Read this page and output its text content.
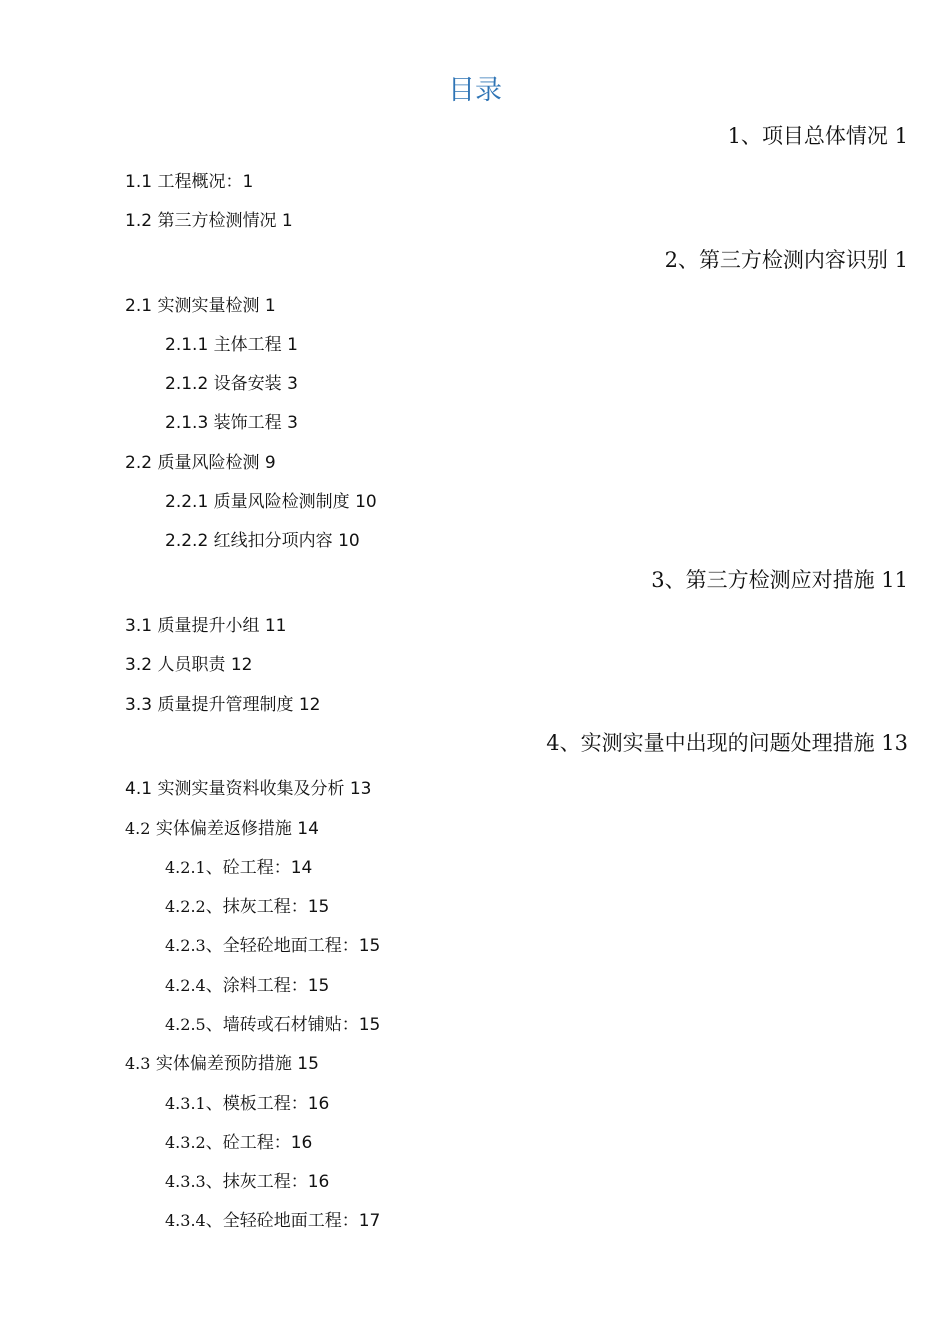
目录
1、项目总体情况 1
1.1 工程概况：1
1.2 第三方检测情况 1
2、第三方检测内容识别 1
2.1 实测实量检测 1
2.1.1 主体工程 1
2.1.2 设备安装 3
2.1.3 装饰工程 3
2.2 质量风险检测 9
2.2.1 质量风险检测制度 10
2.2.2 红线扣分项内容 10
3、第三方检测应对措施 11
3.1 质量提升小组 11
3.2 人员职责 12
3.3 质量提升管理制度 12
4、实测实量中出现的问题处理措施 13
4.1 实测实量资料收集及分析 13
4.2 实体偏差返修措施 14
4.2.1、砼工程：14
4.2.2、抹灰工程：15
4.2.3、全轻砼地面工程：15
4.2.4、涂料工程：15
4.2.5、墙砖或石材铺贴：15
4.3 实体偏差预防措施 15
4.3.1、模板工程：16
4.3.2、砼工程：16
4.3.3、抹灰工程：16
4.3.4、全轻砼地面工程：17
